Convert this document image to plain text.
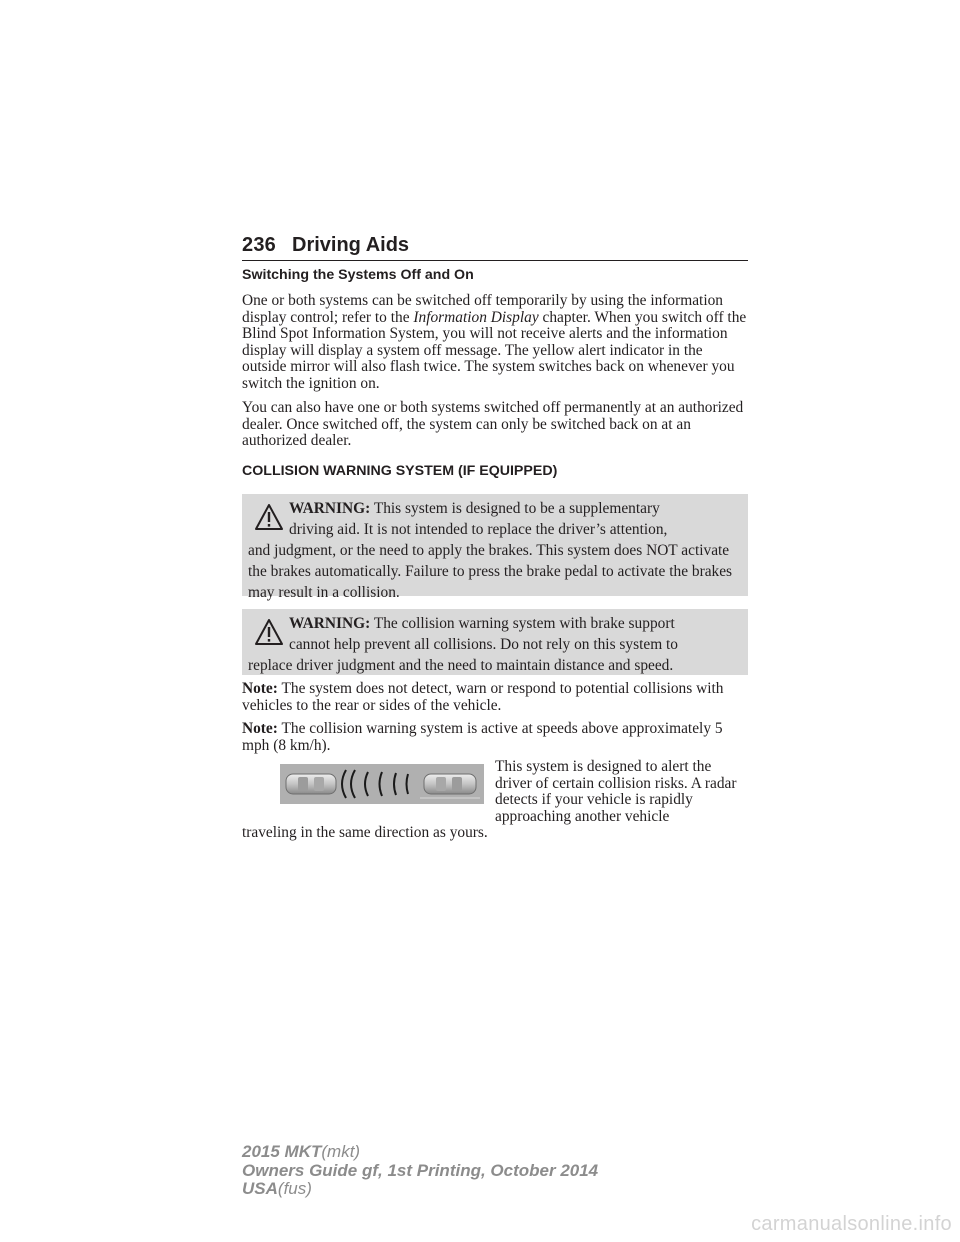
236 Driving Aids
Switching the Systems Off and On

One or both systems can be switched off temporarily by using the information display control; refer to the Information Display chapter. When you switch off the Blind Spot Information System, you will not receive alerts and the information display will display a system off message. The yellow alert indicator in the outside mirror will also flash twice. The system switches back on whenever you switch the ignition on.

You can also have one or both systems switched off permanently at an authorized dealer. Once switched off, the system can only be switched back on at an authorized dealer.

COLLISION WARNING SYSTEM (IF EQUIPPED)
WARNING: This system is designed to be a supplementary
driving aid. It is not intended to replace the driver’s attention,
and judgment, or the need to apply the brakes. This system does NOT activate the brakes automatically. Failure to press the brake pedal to activate the brakes may result in a collision.
WARNING: The collision warning system with brake support
cannot help prevent all collisions. Do not rely on this system to
replace driver judgment and the need to maintain distance and speed.

Note: The system does not detect, warn or respond to potential collisions with vehicles to the rear or sides of the vehicle.

Note: The collision warning system is active at speeds above approximately 5 mph (8 km/h).

This system is designed to alert the driver of certain collision risks. A radar detects if your vehicle is rapidly approaching another vehicle
traveling in the same direction as yours.
2015 MKT(mkt)
Owners Guide gf, 1st Printing, October 2014
USA(fus)
carmanualsonline.info
